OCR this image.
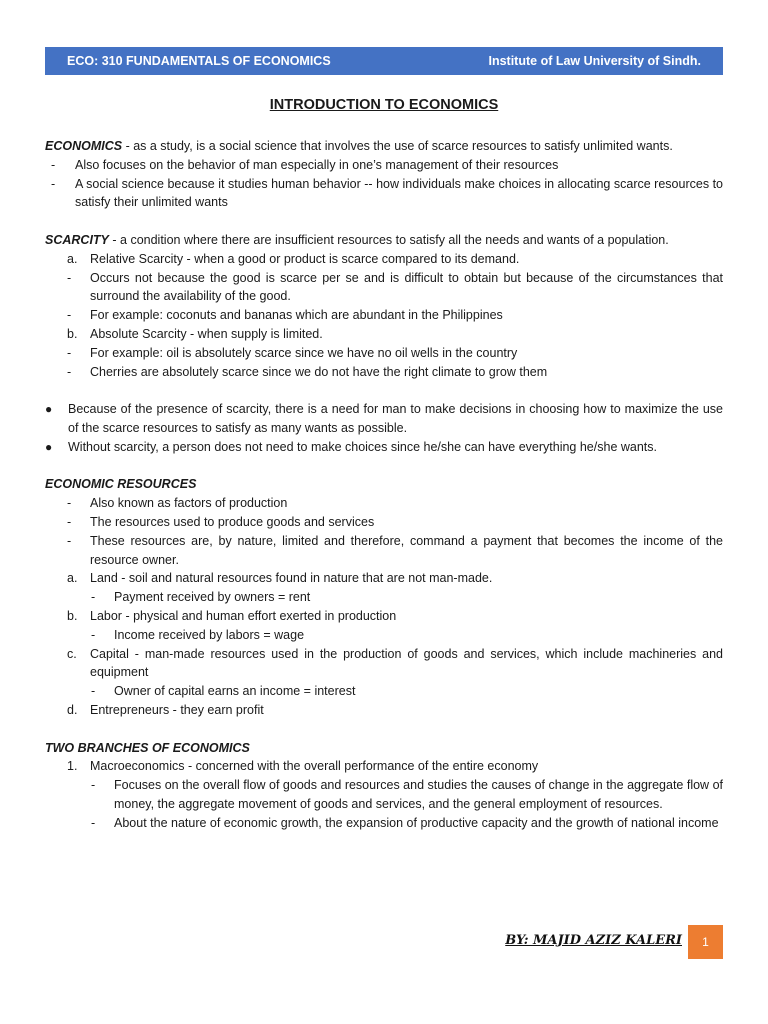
ECO: 310 FUNDAMENTALS OF ECONOMICS	Institute of Law University of Sindh.
INTRODUCTION TO ECONOMICS

ECONOMICS - as a study, is a social science that involves the use of scarce resources to satisfy unlimited wants.

- Also focuses on the behavior of man especially in one’s management of their resources
- A social science because it studies human behavior -- how individuals make choices in allocating scarce resources to satisfy their unlimited wants

SCARCITY - a condition where there are insufficient resources to satisfy all the needs and wants of a population.

a. Relative Scarcity - when a good or product is scarce compared to its demand.
- Occurs not because the good is scarce per se and is difficult to obtain but because of the circumstances that surround the availability of the good.
- For example: coconuts and bananas which are abundant in the Philippines
b. Absolute Scarcity - when supply is limited.
- For example: oil is absolutely scarce since we have no oil wells in the country
- Cherries are absolutely scarce since we do not have the right climate to grow them
● Because of the presence of scarcity, there is a need for man to make decisions in choosing how to maximize the use of the scarce resources to satisfy as many wants as possible.
● Without scarcity, a person does not need to make choices since he/she can have everything he/she wants.

ECONOMIC RESOURCES

- Also known as factors of production
- The resources used to produce goods and services
- These resources are, by nature, limited and therefore, command a payment that becomes the income of the resource owner.
a. Land - soil and natural resources found in nature that are not man-made.
- Payment received by owners = rent
b. Labor - physical and human effort exerted in production
- Income received by labors = wage
c. Capital - man-made resources used in the production of goods and services, which include machineries and equipment
- Owner of capital earns an income = interest
d. Entrepreneurs - they earn profit

TWO BRANCHES OF ECONOMICS

1. Macroeconomics - concerned with the overall performance of the entire economy
- Focuses on the overall flow of goods and resources and studies the causes of change in the aggregate flow of money, the aggregate movement of goods and services, and the general employment of resources.
- About the nature of economic growth, the expansion of productive capacity and the growth of national income
BY: MAJID AZIZ KALERI	1
